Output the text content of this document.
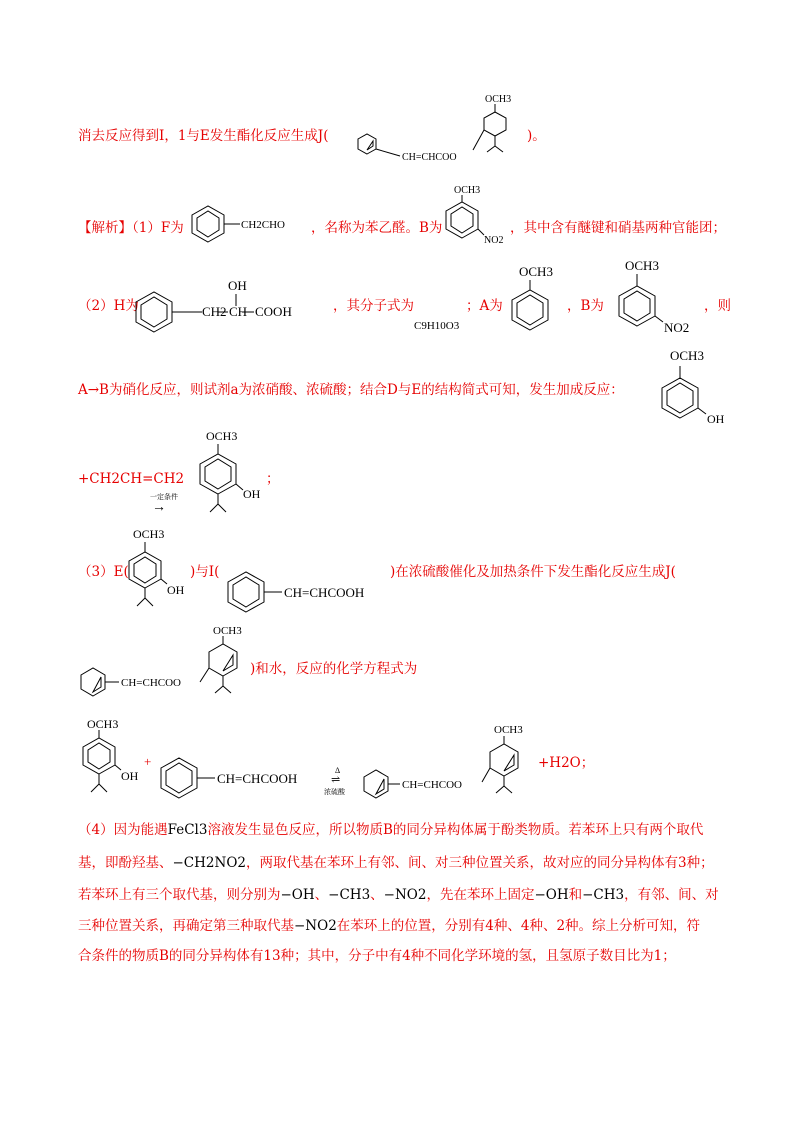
消去反应得到I，1与E发生酯化反应生成J(
OCH3
CH=CHCOO
)。
【解析】（1）F为	CH2CHO ，名称为苯乙醛。B为
OCH3
NO2
，其中含有醚键和硝基两种官能团；
（2）H为
OH
CH2 CH COOH	，其分子式为
C9H10O3
；A为
OCH3
，B为
OCH3
NO2
，则
A→B为硝化反应，则试剂a为浓硝酸、浓硫酸；结合D与E的结构简式可知，发生加成反应：
OCH3
OH
+CH2CH=CH2
一定条件
→
OCH3
OH
；
（3）E(
OCH3
OH
)与I(
CH=CHCOOH
)在浓硫酸催化及加热条件下发生酯化反应生成J(
OCH3
CH=CHCOO
)和水，反应的化学方程式为
OCH3
OH
+
CH=CHCOOH
Δ
⇌
浓硫酸
OCH3
CH=CHCOO
+H2O；
（4）因为能遇FeCl3溶液发生显色反应，所以物质B的同分异构体属于酚类物质。若苯环上只有两个取代
基，即酚羟基、−CH2NO2，两取代基在苯环上有邻、间、对三种位置关系，故对应的同分异构体有3种；
若苯环上有三个取代基，则分别为−OH、−CH3、−NO2，先在苯环上固定−OH和−CH3，有邻、间、对
三种位置关系，再确定第三种取代基−NO2在苯环上的位置，分别有4种、4种、2种。综上分析可知，符
合条件的物质B的同分异构体有13种；其中，分子中有4种不同化学环境的氢，且氢原子数目比为1；
